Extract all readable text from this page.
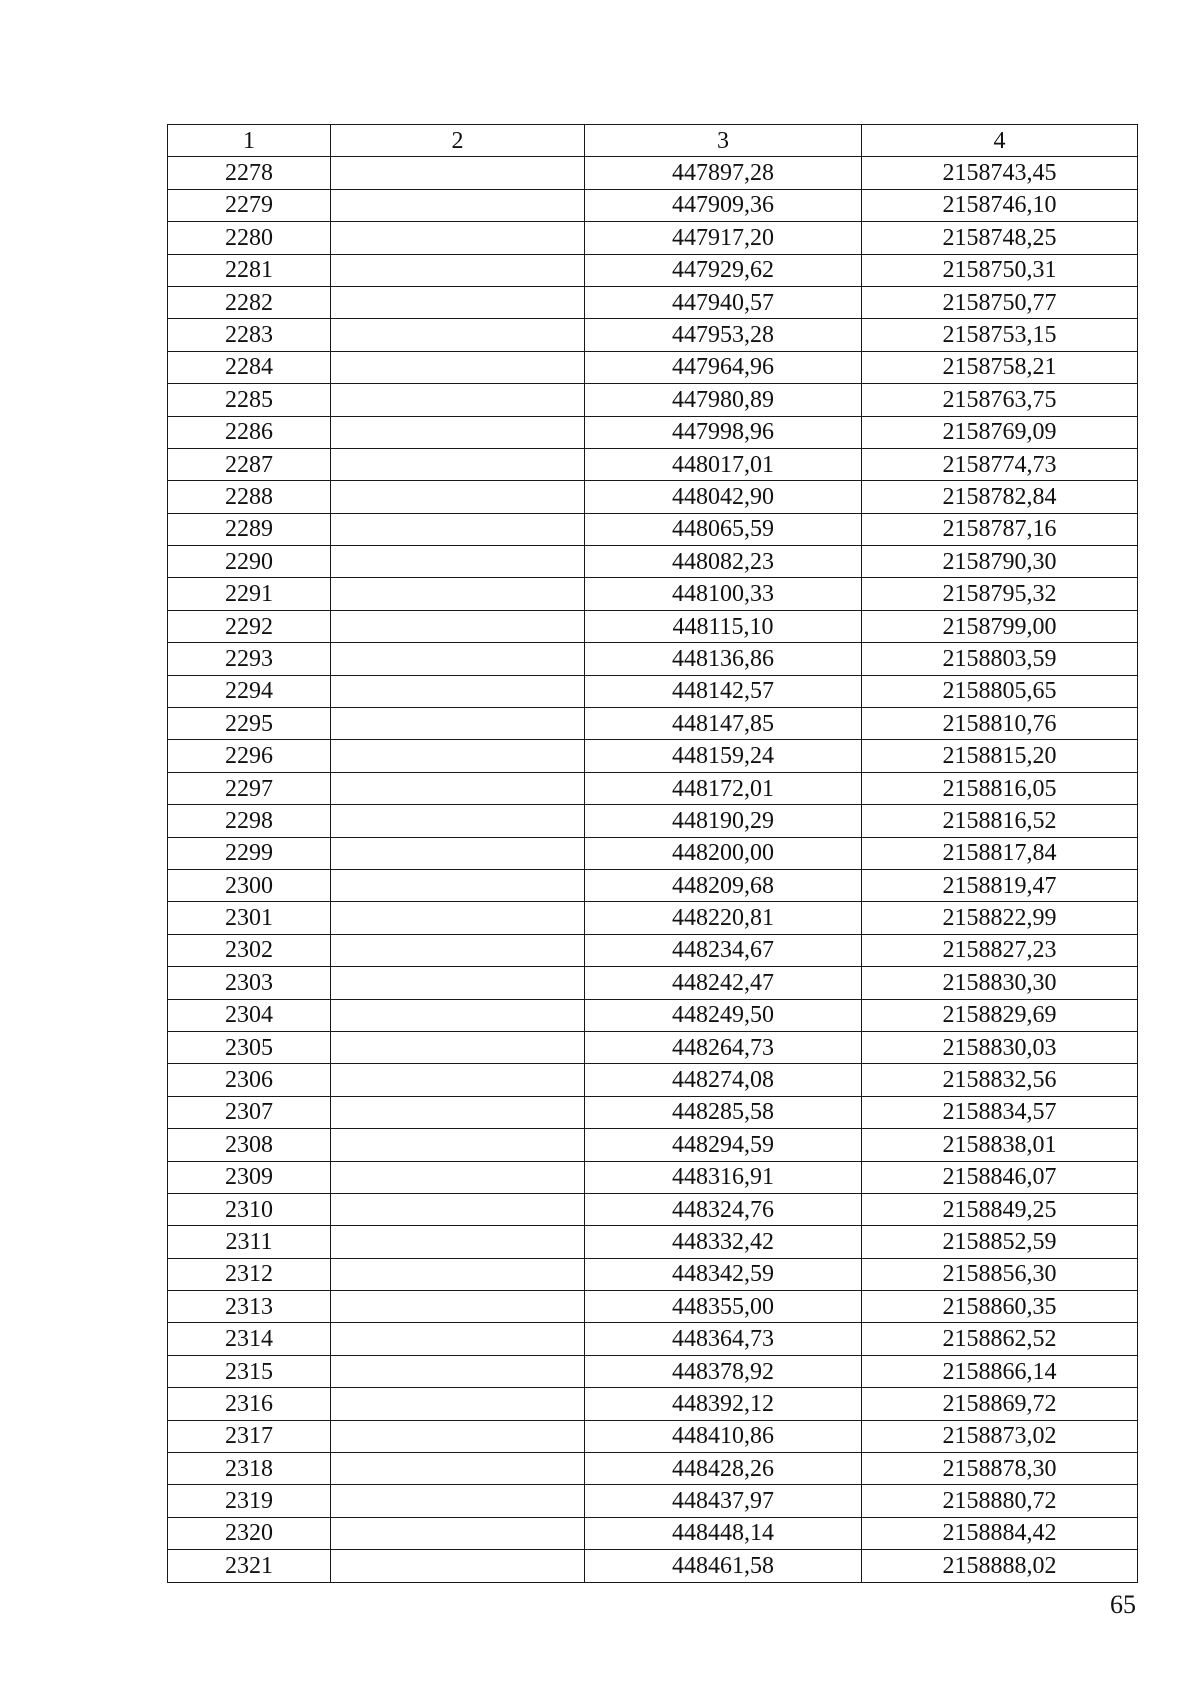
1	2	3	4
2278		447897,28	2158743,45
2279		447909,36	2158746,10
2280		447917,20	2158748,25
2281		447929,62	2158750,31
2282		447940,57	2158750,77
2283		447953,28	2158753,15
2284		447964,96	2158758,21
2285		447980,89	2158763,75
2286		447998,96	2158769,09
2287		448017,01	2158774,73
2288		448042,90	2158782,84
2289		448065,59	2158787,16
2290		448082,23	2158790,30
2291		448100,33	2158795,32
2292		448115,10	2158799,00
2293		448136,86	2158803,59
2294		448142,57	2158805,65
2295		448147,85	2158810,76
2296		448159,24	2158815,20
2297		448172,01	2158816,05
2298		448190,29	2158816,52
2299		448200,00	2158817,84
2300		448209,68	2158819,47
2301		448220,81	2158822,99
2302		448234,67	2158827,23
2303		448242,47	2158830,30
2304		448249,50	2158829,69
2305		448264,73	2158830,03
2306		448274,08	2158832,56
2307		448285,58	2158834,57
2308		448294,59	2158838,01
2309		448316,91	2158846,07
2310		448324,76	2158849,25
2311		448332,42	2158852,59
2312		448342,59	2158856,30
2313		448355,00	2158860,35
2314		448364,73	2158862,52
2315		448378,92	2158866,14
2316		448392,12	2158869,72
2317		448410,86	2158873,02
2318		448428,26	2158878,30
2319		448437,97	2158880,72
2320		448448,14	2158884,42
2321		448461,58	2158888,02
65
